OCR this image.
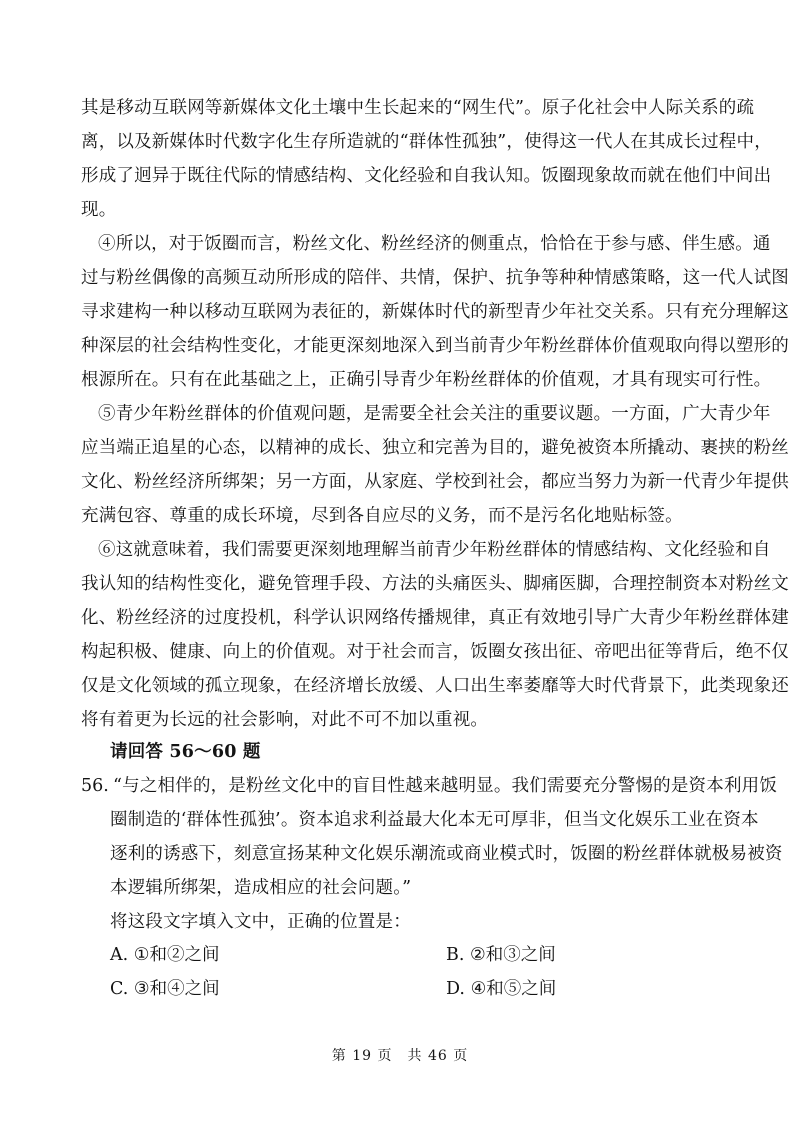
其是移动互联网等新媒体文化土壤中生长起来的“网生代”。原子化社会中人际关系的疏
离，以及新媒体时代数字化生存所造就的“群体性孤独”，使得这一代人在其成长过程中，
形成了迥异于既往代际的情感结构、文化经验和自我认知。饭圈现象故而就在他们中间出
现。
④所以，对于饭圈而言，粉丝文化、粉丝经济的侧重点，恰恰在于参与感、伴生感。通
过与粉丝偶像的高频互动所形成的陪伴、共情，保护、抗争等种种情感策略，这一代人试图
寻求建构一种以移动互联网为表征的，新媒体时代的新型青少年社交关系。只有充分理解这
种深层的社会结构性变化，才能更深刻地深入到当前青少年粉丝群体价值观取向得以塑形的
根源所在。只有在此基础之上，正确引导青少年粉丝群体的价值观，才具有现实可行性。
⑤青少年粉丝群体的价值观问题，是需要全社会关注的重要议题。一方面，广大青少年
应当端正追星的心态，以精神的成长、独立和完善为目的，避免被资本所撬动、裹挟的粉丝
文化、粉丝经济所绑架；另一方面，从家庭、学校到社会，都应当努力为新一代青少年提供
充满包容、尊重的成长环境，尽到各自应尽的义务，而不是污名化地贴标签。
⑥这就意味着，我们需要更深刻地理解当前青少年粉丝群体的情感结构、文化经验和自
我认知的结构性变化，避免管理手段、方法的头痛医头、脚痛医脚，合理控制资本对粉丝文
化、粉丝经济的过度投机，科学认识网络传播规律，真正有效地引导广大青少年粉丝群体建
构起积极、健康、向上的价值观。对于社会而言，饭圈女孩出征、帝吧出征等背后，绝不仅
仅是文化领域的孤立现象，在经济增长放缓、人口出生率萎靡等大时代背景下，此类现象还
将有着更为长远的社会影响，对此不可不加以重视。
请回答 56～60 题
56. “与之相伴的，是粉丝文化中的盲目性越来越明显。我们需要充分警惕的是资本利用饭
圈制造的‘群体性孤独’。资本追求利益最大化本无可厚非，但当文化娱乐工业在资本
逐利的诱惑下，刻意宣扬某种文化娱乐潮流或商业模式时，饭圈的粉丝群体就极易被资
本逻辑所绑架，造成相应的社会问题。”
将这段文字填入文中，正确的位置是：
A. ①和②之间	B. ②和③之间
C. ③和④之间	D. ④和⑤之间
第 19 页　共 46 页
